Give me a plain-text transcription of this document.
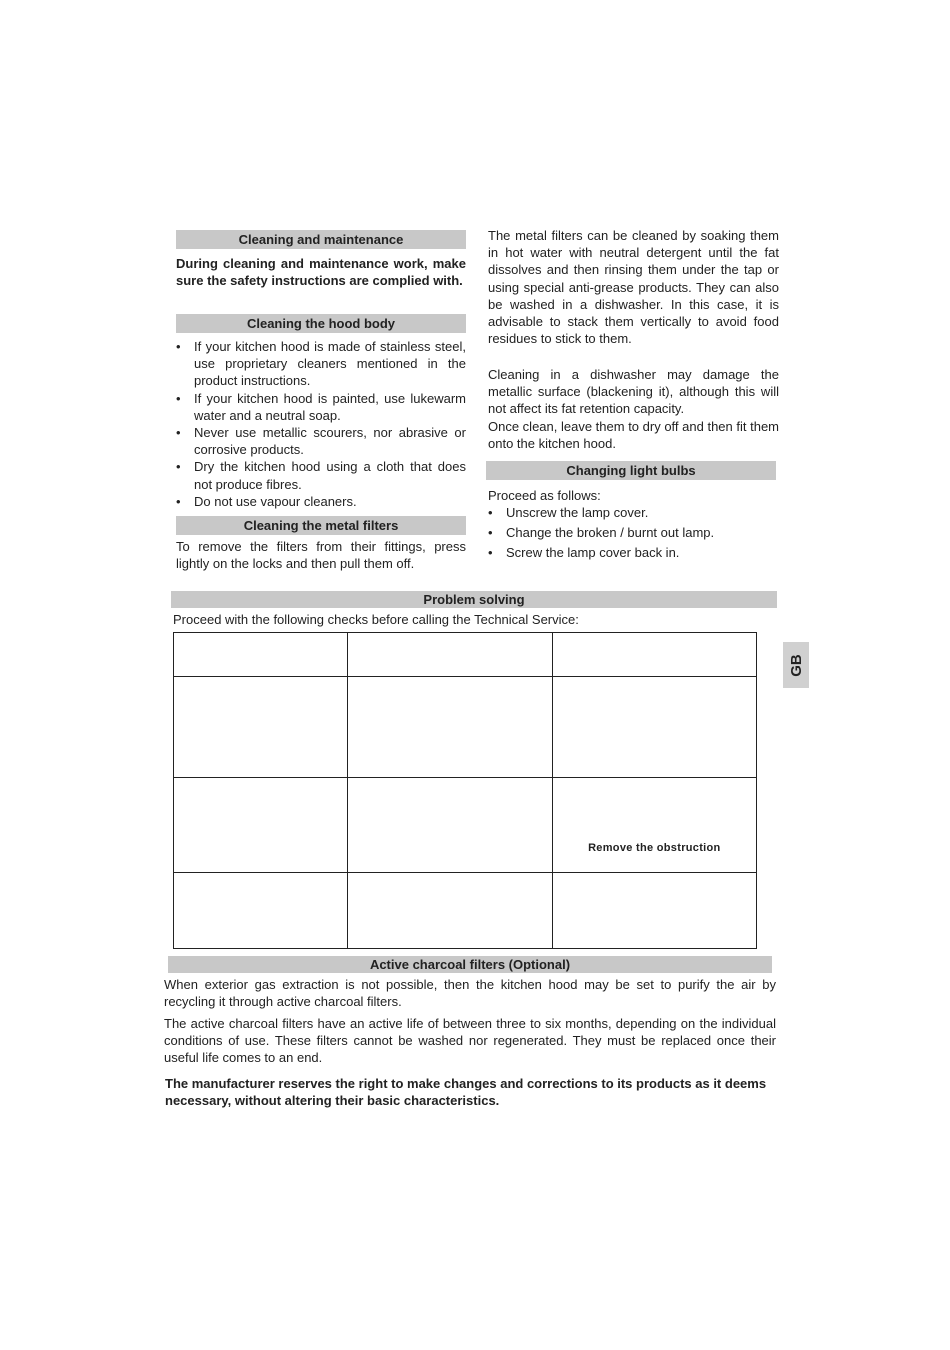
Cleaning and maintenance

During cleaning and maintenance work, make sure the safety instructions are complied with.

Cleaning the hood body
• If your kitchen hood is made of stainless steel, use proprietary cleaners mentioned in the product instructions.
• If your kitchen hood is painted, use lukewarm water and a neutral soap.
• Never use metallic scourers, nor abrasive or corrosive products.
• Dry the kitchen hood using a cloth that does not produce fibres.
• Do not use vapour cleaners.
Cleaning the metal filters

To remove the filters from their fittings, press lightly on the locks and then pull them off.

The metal filters can be cleaned by soaking them in hot water with neutral detergent until the fat dissolves and then rinsing them under the tap or using special anti-grease products. They can also be washed in a dishwasher. In this case, it is advisable to stack them vertically to avoid food residues to stick to them.

Cleaning in a dishwasher may damage the metallic surface (blackening it), although this will not affect its fat retention capacity.

Once clean, leave them to dry off and then fit them onto the kitchen hood.

Changing light bulbs

Proceed as follows:

• Unscrew the lamp cover.
• Change the broken / burnt out lamp.
• Screw the lamp cover back in.
Problem solving

Proceed with the following checks before calling the Technical Service:

		Remove the obstruction

GB
Active charcoal filters (Optional)

When exterior gas extraction is not possible, then the kitchen hood may be set to purify the air by recycling it through active charcoal filters.

The active charcoal filters have an active life of between three to six months, depending on the individual conditions of use. These filters cannot be washed nor regenerated. They must be replaced once their useful life comes to an end.

The manufacturer reserves the right to make changes and corrections to its products as it deems necessary, without altering their basic characteristics.
